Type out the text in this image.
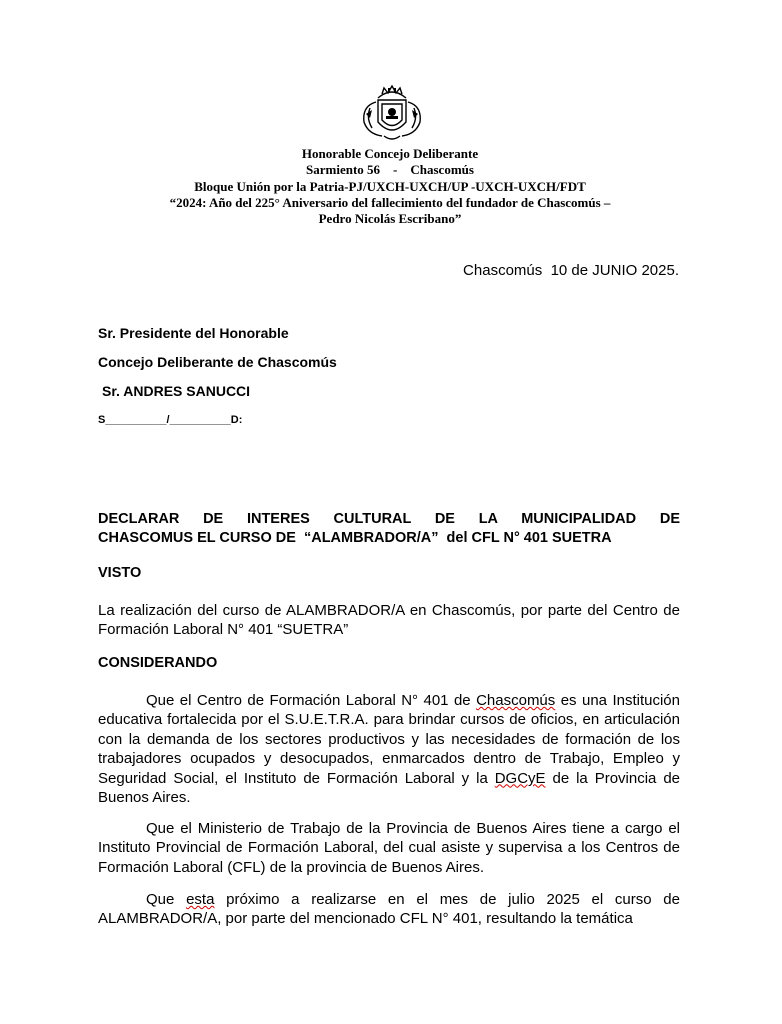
Honorable Concejo Deliberante
Sarmiento 56    -    Chascomús
Bloque Unión por la Patria-PJ/UXCH-UXCH/UP -UXCH-UXCH/FDT
“2024: Año del 225° Aniversario del fallecimiento del fundador de Chascomús –
Pedro Nicolás Escribano”
Chascomús  10 de JUNIO 2025.
Sr. Presidente del Honorable
Concejo Deliberante de Chascomús
Sr. ANDRES SANUCCI
S__________/__________D:
DECLARAR DE INTERES CULTURAL DE LA MUNICIPALIDAD DE
CHASCOMUS EL CURSO DE  “ALAMBRADOR/A”  del CFL N° 401 SUETRA
VISTO
La realización del curso de ALAMBRADOR/A en Chascomús, por parte del Centro de Formación Laboral N° 401 “SUETRA”
CONSIDERANDO
Que el Centro de Formación Laboral N° 401 de Chascomús es una Institución educativa fortalecida por el S.U.E.T.R.A. para brindar cursos de oficios, en articulación con la demanda de los sectores productivos y las necesidades de formación de los trabajadores ocupados y desocupados, enmarcados dentro de Trabajo, Empleo y Seguridad Social, el Instituto de Formación Laboral y la DGCyE de la Provincia de Buenos Aires.
Que el Ministerio de Trabajo de la Provincia de Buenos Aires tiene a cargo el Instituto Provincial de Formación Laboral, del cual asiste y supervisa a los Centros de Formación Laboral (CFL) de la provincia de Buenos Aires.
Que esta próximo a realizarse en el mes de julio 2025 el curso de ALAMBRADOR/A, por parte del mencionado CFL N° 401, resultando la temática
